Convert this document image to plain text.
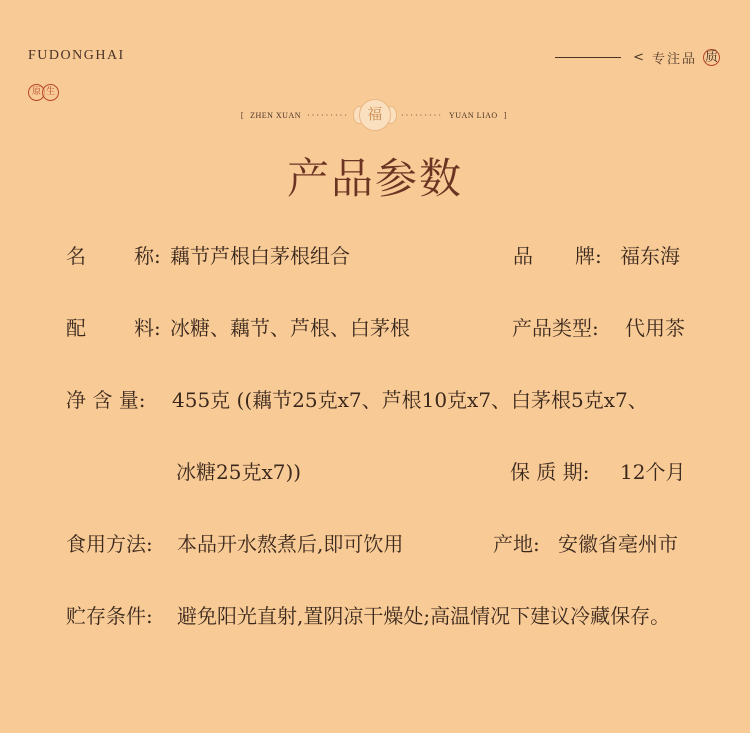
FUDONGHAI
原 生
< 专注品 质
[ ZHEN XUAN ·········	福	········· YUAN LIAO ]
产品参数
名 称: 藕节芦根白茅根组合	品 牌: 福东海
配 料: 冰糖、藕节、芦根、白茅根	产品类型: 代用茶
净 含 量: 455克 ((藕节25克x7、芦根10克x7、白茅根5克x7、
冰糖25克x7))	保 质 期: 12个月
食用方法: 本品开水熬煮后,即可饮用	产地: 安徽省亳州市
贮存条件: 避免阳光直射,置阴凉干燥处;高温情况下建议冷藏保存。
